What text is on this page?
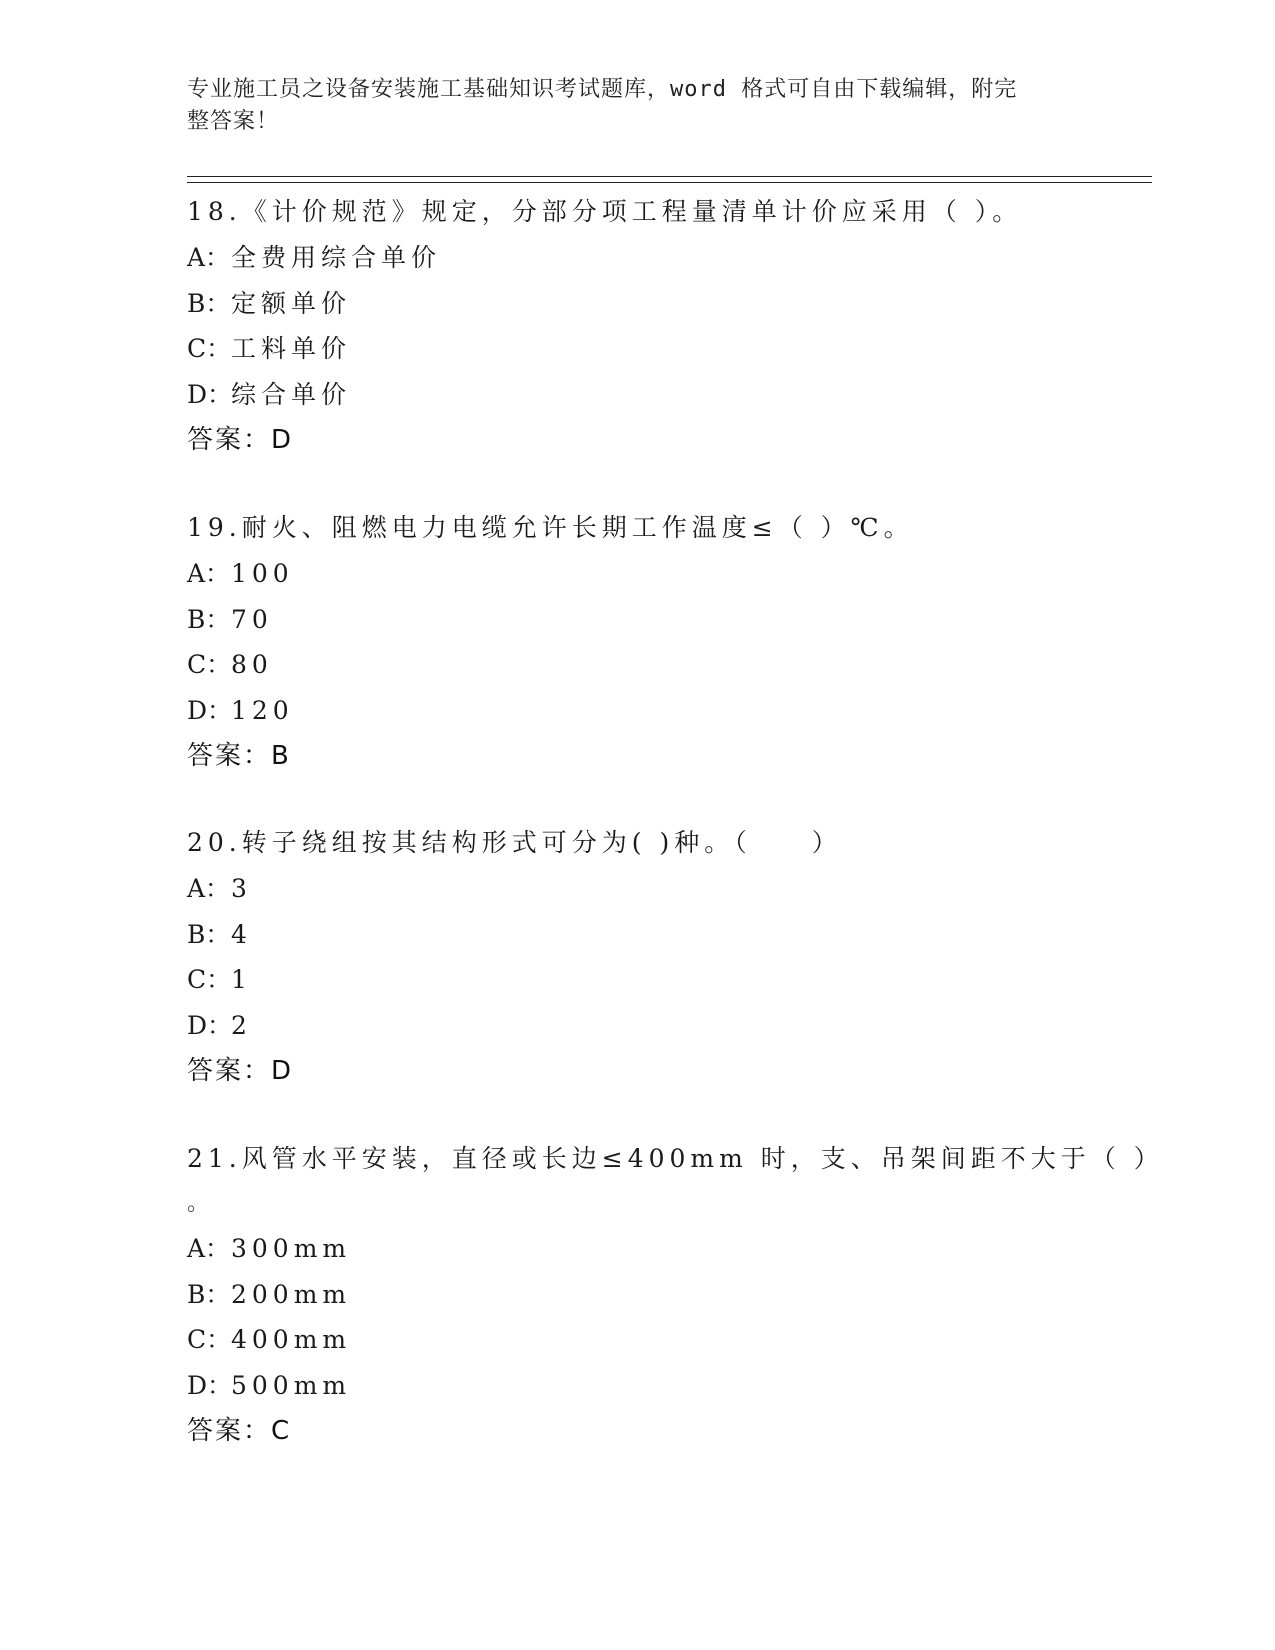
专业施工员之设备安装施工基础知识考试题库，word 格式可自由下载编辑，附完
整答案！
18.《计价规范》规定，分部分项工程量清单计价应采用（ ）。
A：全费用综合单价
B：定额单价
C：工料单价
D：综合单价
答案：D
19.耐火、阻燃电力电缆允许长期工作温度≤（ ）℃。
A：100
B：70
C：80
D：120
答案：B
20.转子绕组按其结构形式可分为( )种。（　　）
A：3
B：4
C：1
D：2
答案：D
21.风管水平安装，直径或长边≤400mm 时，支、吊架间距不大于（ ）
。
A：300mm
B：200mm
C：400mm
D：500mm
答案：C
